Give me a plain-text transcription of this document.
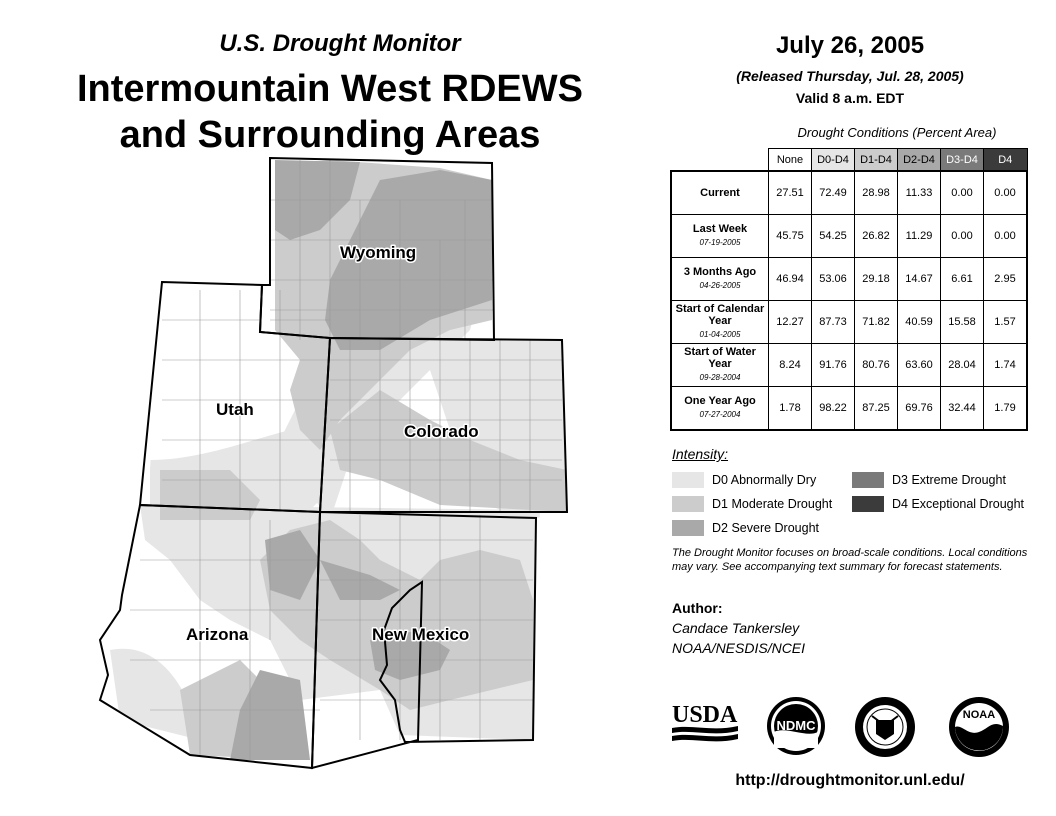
U.S. Drought Monitor
Intermountain West RDEWS
and Surrounding Areas
Wyoming
Utah
Colorado
Arizona	New Mexico
July 26, 2005
(Released Thursday, Jul. 28, 2005)
Valid 8 a.m. EDT
Drought Conditions (Percent Area)
	None	D0-D4	D1-D4	D2-D4	D3-D4	D4
Current	27.51	72.49	28.98	11.33	0.00	0.00
Last Week
07-19-2005	45.75	54.25	26.82	11.29	0.00	0.00
3 Months Ago
04-26-2005	46.94	53.06	29.18	14.67	6.61	2.95
Start of Calendar Year
01-04-2005	12.27	87.73	71.82	40.59	15.58	1.57
Start of Water Year
09-28-2004	8.24	91.76	80.76	63.60	28.04	1.74
One Year Ago
07-27-2004	1.78	98.22	87.25	69.76	32.44	1.79
Intensity:
D0 Abnormally Dry
D1 Moderate Drought
D2 Severe Drought
D3 Extreme Drought
D4 Exceptional Drought
The Drought Monitor focuses on broad-scale conditions. Local conditions may vary. See accompanying text summary for forecast statements.
Author:
Candace Tankersley
NOAA/NESDIS/NCEI
USDA	NDMC
NOAA
http://droughtmonitor.unl.edu/
